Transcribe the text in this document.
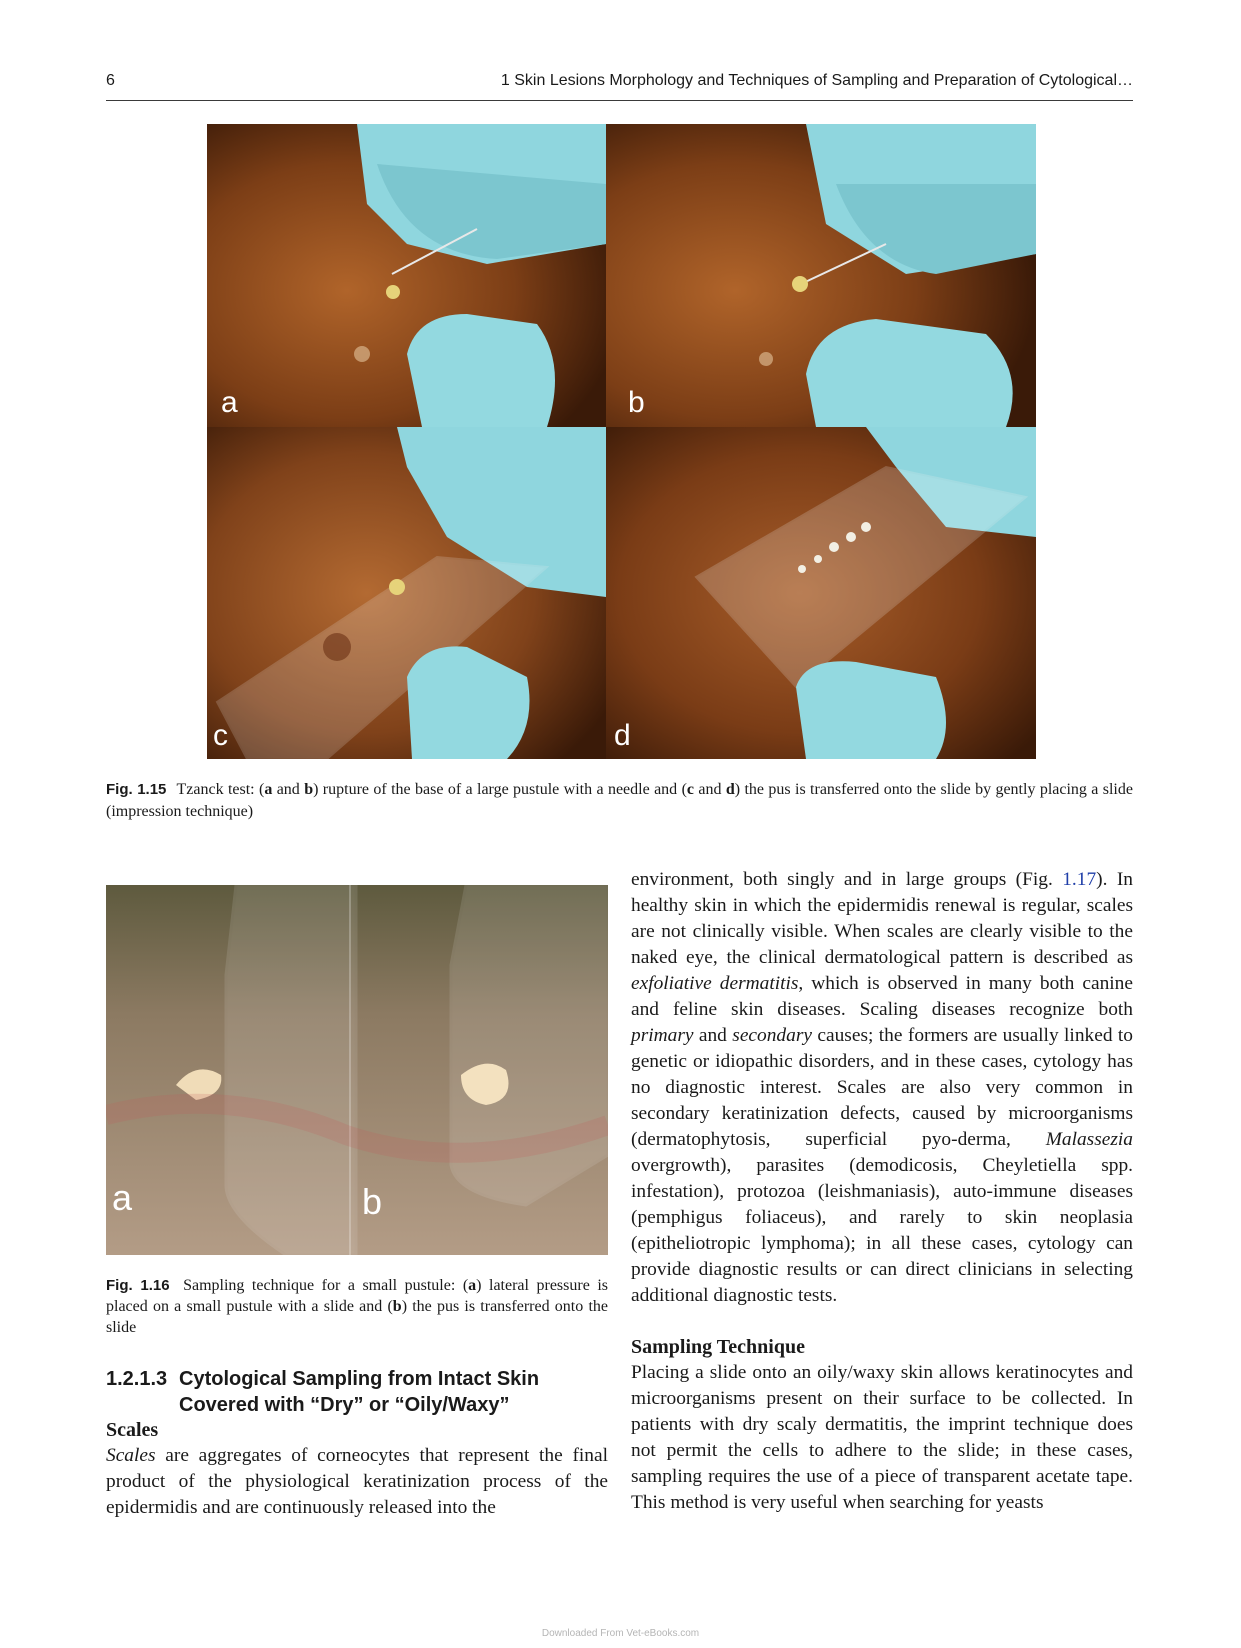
6	1 Skin Lesions Morphology and Techniques of Sampling and Preparation of Cytological…
a	b
c	d
Fig. 1.15 Tzanck test: (a and b) rupture of the base of a large pustule with a needle and (c and d) the pus is transferred onto the slide by gently placing a slide (impression technique)
a	b
Fig. 1.16 Sampling technique for a small pustule: (a) lateral pressure is placed on a small pustule with a slide and (b) the pus is transferred onto the slide
1.2.1.3 Cytological Sampling from Intact Skin
Covered with “Dry” or “Oily/Waxy”
Scales

Scales are aggregates of corneocytes that represent the final product of the physiological keratinization process of the epidermidis and are continuously released into the

environment, both singly and in large groups (Fig. 1.17). In healthy skin in which the epidermidis renewal is regular, scales are not clinically visible. When scales are clearly visible to the naked eye, the clinical dermatological pattern is described as exfoliative dermatitis, which is observed in many both canine and feline skin diseases. Scaling diseases recognize both primary and secondary causes; the formers are usually linked to genetic or idiopathic disorders, and in these cases, cytology has no diagnostic interest. Scales are also very common in secondary keratinization defects, caused by microorganisms (dermatophytosis, superficial pyo-derma, Malassezia overgrowth), parasites (demodicosis, Cheyletiella spp. infestation), protozoa (leishmaniasis), auto-immune diseases (pemphigus foliaceus), and rarely to skin neoplasia (epitheliotropic lymphoma); in all these cases, cytology can provide diagnostic results or can direct clinicians in selecting additional diagnostic tests.

Sampling Technique

Placing a slide onto an oily/waxy skin allows keratinocytes and microorganisms present on their surface to be collected. In patients with dry scaly dermatitis, the imprint technique does not permit the cells to adhere to the slide; in these cases, sampling requires the use of a piece of transparent acetate tape. This method is very useful when searching for yeasts

Downloaded From Vet-eBooks.com
